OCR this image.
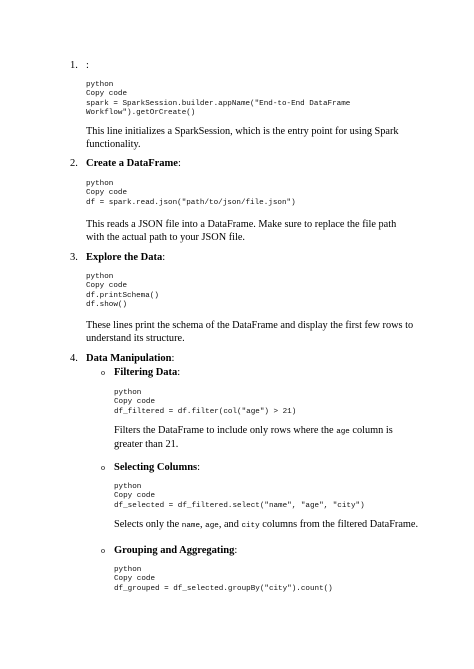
1. :
python
Copy code
spark = SparkSession.builder.appName("End-to-End DataFrame
Workflow").getOrCreate()
This line initializes a SparkSession, which is the entry point for using Spark functionality.
2. Create a DataFrame:
python
Copy code
df = spark.read.json("path/to/json/file.json")
This reads a JSON file into a DataFrame. Make sure to replace the file path with the actual path to your JSON file.
3. Explore the Data:
python
Copy code
df.printSchema()
df.show()
These lines print the schema of the DataFrame and display the first few rows to understand its structure.
4. Data Manipulation:
o Filtering Data:
python
Copy code
df_filtered = df.filter(col("age") > 21)
Filters the DataFrame to include only rows where the age column is greater than 21.
o Selecting Columns:
python
Copy code
df_selected = df_filtered.select("name", "age", "city")
Selects only the name, age, and city columns from the filtered DataFrame.
o Grouping and Aggregating:
python
Copy code
df_grouped = df_selected.groupBy("city").count()
